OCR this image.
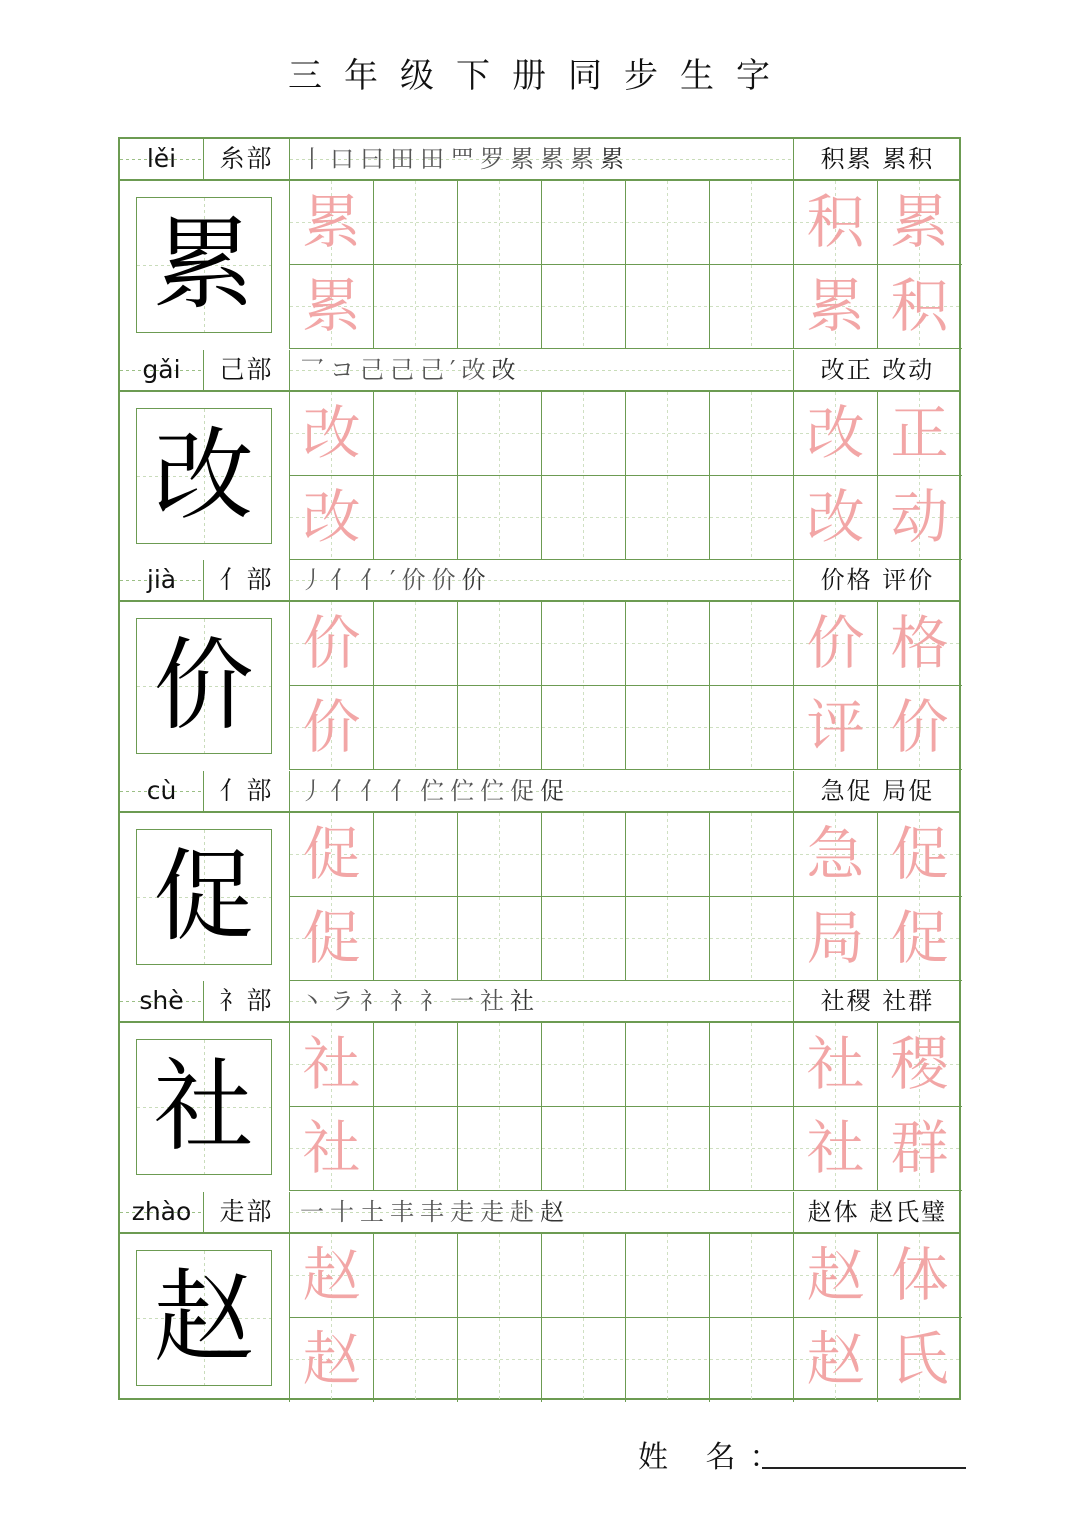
三年级下册同步生字
lěi	糸部	丨口曰田田罒罗累累累累	积累 累积
累 累	积 累
累	累 积
gǎi	己部	乛コ己己己′改改	改正 改动
改 改	改 正
改	改 动
jià	亻部	丿亻亻′价价价	价格 评价
价 价	价 格
价	评 价
cù	亻部	丿亻亻亻伫伫伫促促	急促 局促
促 促	急 促
促	局 促
shè	礻部	丶ラ礻礻礻一社社	社稷 社群
社 社	社 稷
社	社 群
zhào	走部	一十土丰丰走走赴赵	赵体 赵氏璧
赵 赵	赵 体
赵	赵 氏
姓 名：
